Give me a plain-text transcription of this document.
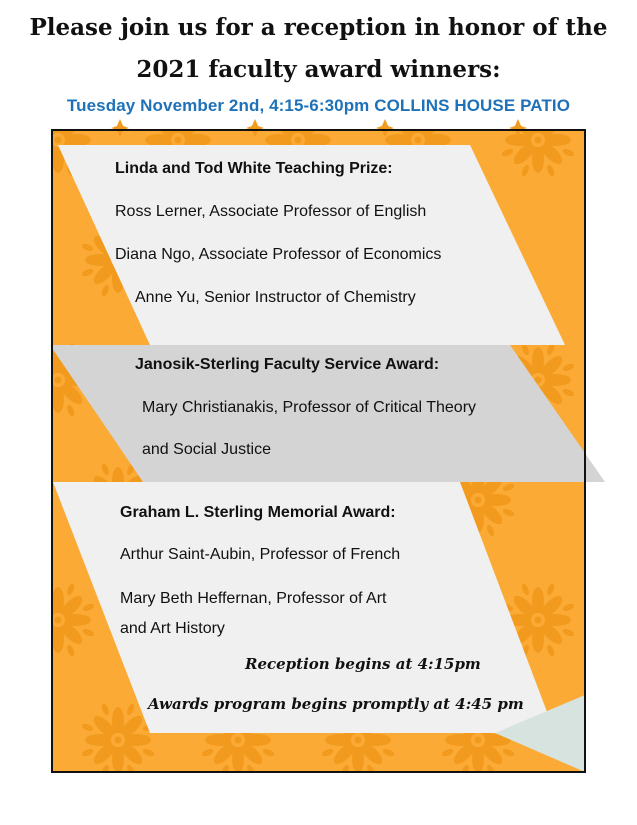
Please join us for a reception in honor of the
2021 faculty award winners:
Tuesday November 2nd, 4:15-6:30pm COLLINS HOUSE PATIO
Linda and Tod White Teaching Prize:
Ross Lerner, Associate Professor of English
Diana Ngo, Associate Professor of Economics
Anne Yu, Senior Instructor of Chemistry
Janosik-Sterling Faculty Service Award:
Mary Christianakis, Professor of Critical Theory
and Social Justice
Graham L. Sterling Memorial Award:
Arthur Saint-Aubin, Professor of French
Mary Beth Heffernan, Professor of Art
and Art History
Reception begins at 4:15pm
Awards program begins promptly at 4:45 pm
